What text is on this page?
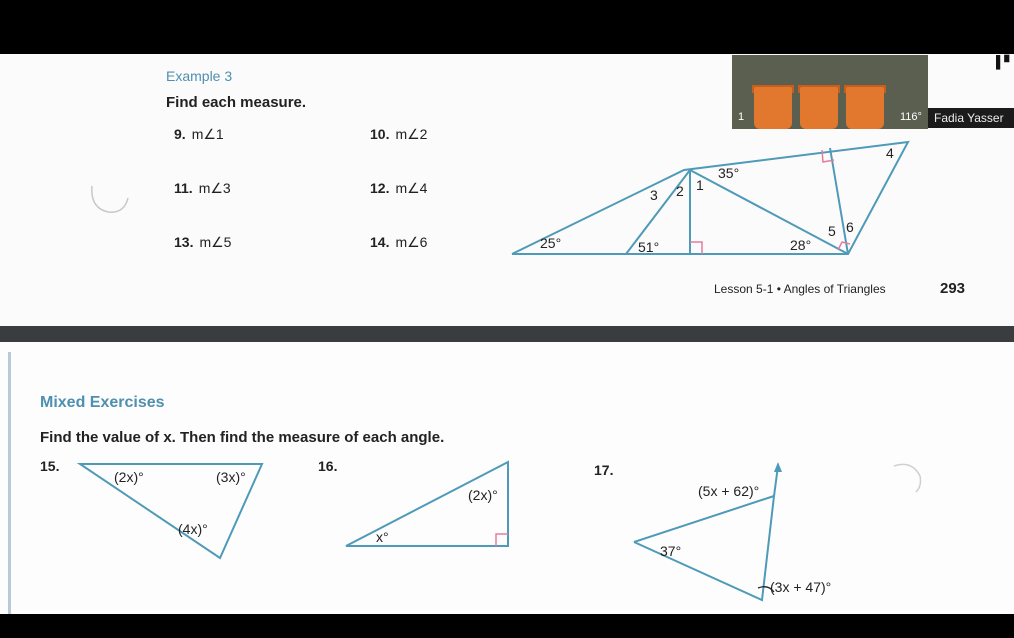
Example 3
Find each measure.
9. m∠1	10. m∠2
11. m∠3	12. m∠4
13. m∠5	14. m∠6	25°	51°
35°
28°
1
2
3
4
5 6
Lesson 5-1 • Angles of Triangles	293
1	116°	Fadia Yasser
▌▘
Mixed Exercises
Find the value of x. Then find the measure of each angle.
15.	16.	17.
(2x)°	(3x)°
(4x)°
(2x)°
x°
(5x + 62)°
37°
(3x + 47)°
